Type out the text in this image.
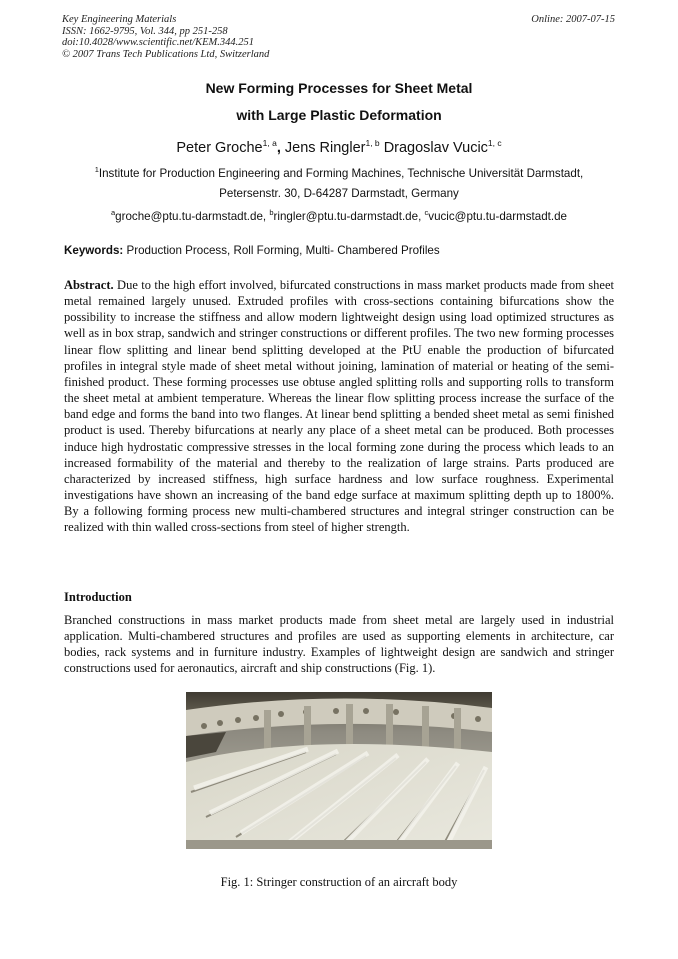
Key Engineering Materials
ISSN: 1662-9795, Vol. 344, pp 251-258
doi:10.4028/www.scientific.net/KEM.344.251
© 2007 Trans Tech Publications Ltd, Switzerland
Online: 2007-07-15
New Forming Processes for Sheet Metal
with Large Plastic Deformation
Peter Groche$^{1, a}$, Jens Ringler$^{1, b}$ Dragoslav Vucic$^{1, c}$
$^1$Institute for Production Engineering and Forming Machines, Technische Universität Darmstadt,
Petersenstr. 30, D-64287 Darmstadt, Germany
$^a$groche@ptu.tu-darmstadt.de, $^b$ringler@ptu.tu-darmstadt.de, $^c$vucic@ptu.tu-darmstadt.de
Keywords: Production Process, Roll Forming, Multi- Chambered Profiles

Abstract. Due to the high effort involved, bifurcated constructions in mass market products made from sheet metal remained largely unused. Extruded profiles with cross-sections containing bifurcations show the possibility to increase the stiffness and allow modern lightweight design using load optimized structures as well as in box strap, sandwich and stringer constructions or different profiles. The two new forming processes linear flow splitting and linear bend splitting developed at the PtU enable the production of bifurcated profiles in integral style made of sheet metal without joining, lamination of material or heating of the semi-finished product. These forming processes use obtuse angled splitting rolls and supporting rolls to transform the sheet metal at ambient temperature. Whereas the linear flow splitting process increase the surface of the band edge and forms the band into two flanges. At linear bend splitting a bended sheet metal as semi finished product is used. Thereby bifurcations at nearly any place of a sheet metal can be produced. Both processes induce high hydrostatic compressive stresses in the local forming zone during the process which leads to an increased formability of the material and thereby to the realization of large strains. Parts produced are characterized by increased stiffness, high surface hardness and low surface roughness. Experimental investigations have shown an increasing of the band edge surface at maximum splitting depth up to 1800%. By a following forming process new multi-chambered structures and integral stringer construction can be realized with thin walled cross-sections from steel of higher strength.

Introduction

Branched constructions in mass market products made from sheet metal are largely used in industrial application. Multi-chambered structures and profiles are used as supporting elements in architecture, car bodies, rack systems and in furniture industry. Examples of lightweight design are sandwich and stringer constructions used for aeronautics, aircraft and ship constructions (Fig. 1).

Fig. 1: Stringer construction of an aircraft body
